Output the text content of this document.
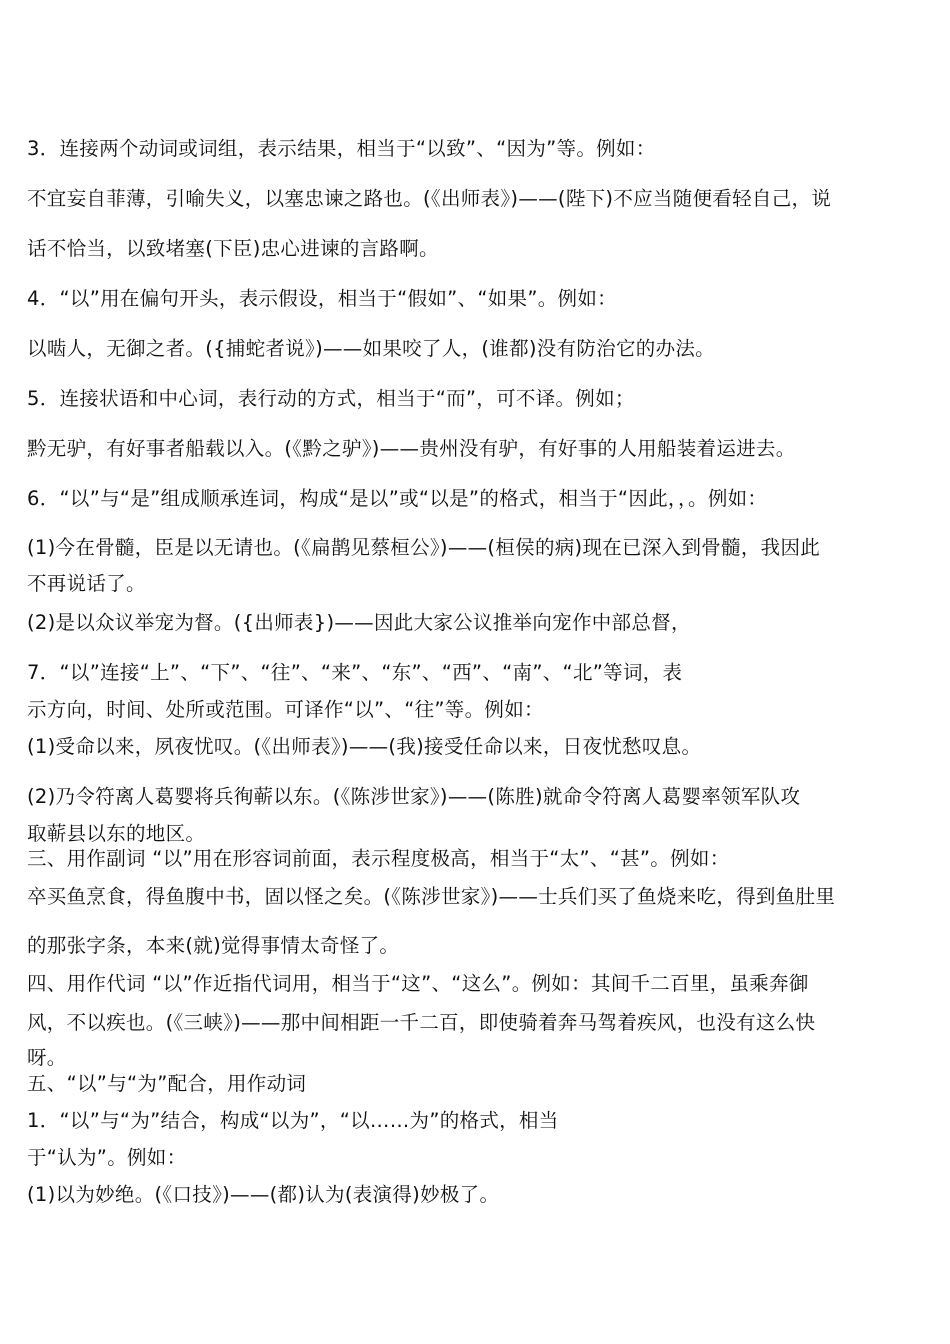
3．连接两个动词或词组，表示结果，相当于“以致”、“因为”等。例如：
不宜妄自菲薄，引喻失义，以塞忠谏之路也。(《出师表》)——(陛下)不应当随便看轻自己，说
话不恰当，以致堵塞(下臣)忠心进谏的言路啊。
4．“以”用在偏句开头，表示假设，相当于“假如”、“如果”。例如：
以啮人，无御之者。({捕蛇者说》)——如果咬了人，(谁都)没有防治它的办法。
5．连接状语和中心词，表行动的方式，相当于“而”，可不译。例如；
黔无驴，有好事者船载以入。(《黔之驴》)——贵州没有驴，有好事的人用船装着运进去。
6．“以”与“是”组成顺承连词，构成“是以”或“以是”的格式，相当于“因此，，。例如：
(1)今在骨髓，臣是以无请也。(《扁鹊见蔡桓公》)——(桓侯的病)现在已深入到骨髓，我因此
不再说话了。
(2)是以众议举宠为督。({出师表})——因此大家公议推举向宠作中部总督，
7．“以”连接“上”、“下”、“往”、“来”、“东”、“西”、“南”、“北”等词，表
示方向，时间、处所或范围。可译作“以”、“往”等。例如：
(1)受命以来，夙夜忧叹。(《出师表》)——(我)接受任命以来，日夜忧愁叹息。
(2)乃令符离人葛婴将兵徇蕲以东。(《陈涉世家》)——(陈胜)就命令符离人葛婴率领军队攻
取蕲县以东的地区。
三、用作副词 “以”用在形容词前面，表示程度极高，相当于“太”、“甚”。例如：
卒买鱼烹食，得鱼腹中书，固以怪之矣。(《陈涉世家》)——士兵们买了鱼烧来吃，得到鱼肚里
的那张字条，本来(就)觉得事情太奇怪了。
四、用作代词 “以”作近指代词用，相当于“这”、“这么”。例如：其间千二百里，虽乘奔御
风，不以疾也。(《三峡》)——那中间相距一千二百，即使骑着奔马驾着疾风，也没有这么快
呀。
五、“以”与“为”配合，用作动词
1．“以”与“为”结合，构成“以为”，“以……为”的格式，相当
于“认为”。例如：
(1)以为妙绝。(《口技》)——(都)认为(表演得)妙极了。
